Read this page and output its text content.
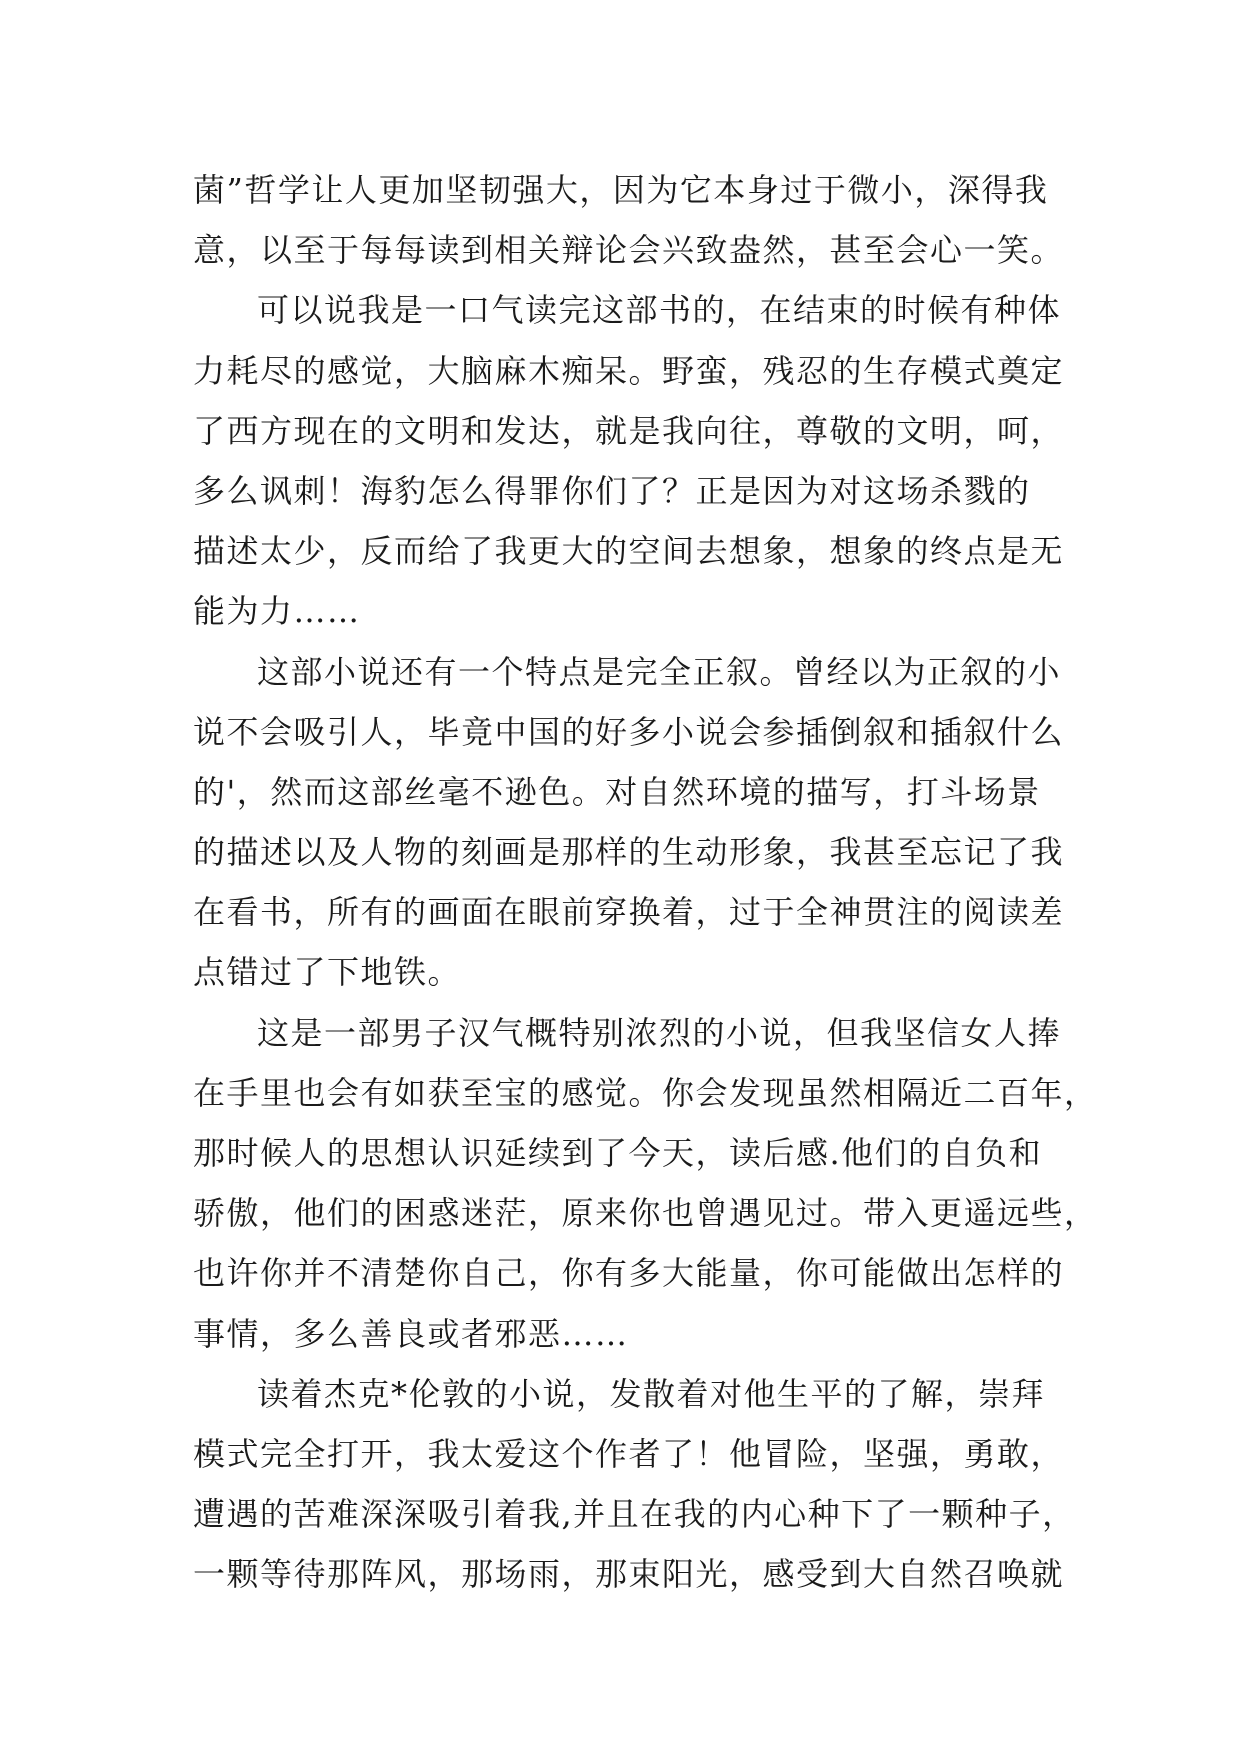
菌”哲学让人更加坚韧强大，因为它本身过于微小，深得我
意，以至于每每读到相关辩论会兴致盎然，甚至会心一笑。
可以说我是一口气读完这部书的，在结束的时候有种体
力耗尽的感觉，大脑麻木痴呆。野蛮，残忍的生存模式奠定
了西方现在的文明和发达，就是我向往，尊敬的文明，呵，
多么讽刺！海豹怎么得罪你们了？正是因为对这场杀戮的
描述太少，反而给了我更大的空间去想象，想象的终点是无
能为力……
这部小说还有一个特点是完全正叙。曾经以为正叙的小
说不会吸引人，毕竟中国的好多小说会参插倒叙和插叙什么
的'，然而这部丝毫不逊色。对自然环境的描写，打斗场景
的描述以及人物的刻画是那样的生动形象，我甚至忘记了我
在看书，所有的画面在眼前穿换着，过于全神贯注的阅读差
点错过了下地铁。
这是一部男子汉气概特别浓烈的小说，但我坚信女人捧
在手里也会有如获至宝的感觉。你会发现虽然相隔近二百年，
那时候人的思想认识延续到了今天，读后感.他们的自负和
骄傲，他们的困惑迷茫，原来你也曾遇见过。带入更遥远些，
也许你并不清楚你自己，你有多大能量，你可能做出怎样的
事情，多么善良或者邪恶……
读着杰克*伦敦的小说，发散着对他生平的了解，崇拜
模式完全打开，我太爱这个作者了！他冒险，坚强，勇敢，
遭遇的苦难深深吸引着我,并且在我的内心种下了一颗种子，
一颗等待那阵风，那场雨，那束阳光，感受到大自然召唤就
